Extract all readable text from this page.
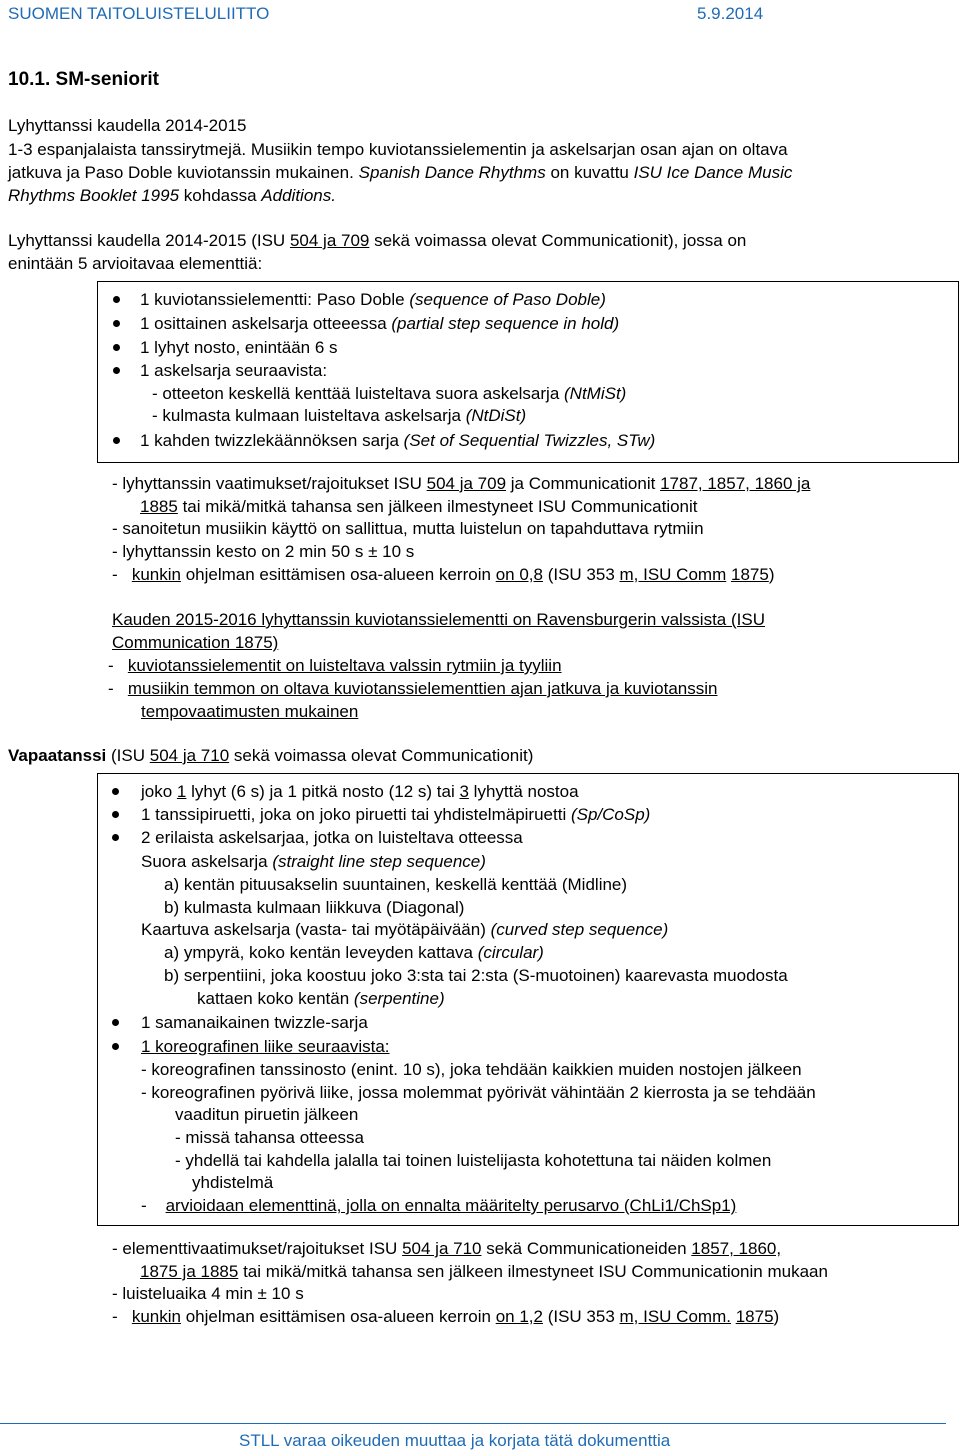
SUOMEN TAITOLUISTELULIITTO	5.9.2014
10.1. SM-seniorit
Lyhyttanssi kaudella 2014-2015
1-3 espanjalaista tanssirytmejä. Musiikin tempo kuviotanssielementin ja askelsarjan osan ajan on oltava
jatkuva ja Paso Doble kuviotanssin mukainen. Spanish Dance Rhythms on kuvattu ISU Ice Dance Music
Rhythms Booklet 1995 kohdassa Additions.
Lyhyttanssi kaudella 2014-2015 (ISU 504 ja 709 sekä voimassa olevat Communicationit), jossa on
enintään 5 arvioitavaa elementtiä:
1 kuviotanssielementti: Paso Doble (sequence of Paso Doble)
1 osittainen askelsarja otteeessa (partial step sequence in hold)
1 lyhyt nosto, enintään 6 s
1 askelsarja seuraavista:
- otteeton keskellä kenttää luisteltava suora askelsarja (NtMiSt)
- kulmasta kulmaan luisteltava askelsarja (NtDiSt)
1 kahden twizzlekäännöksen sarja (Set of Sequential Twizzles, STw)
- lyhyttanssin vaatimukset/rajoitukset ISU 504 ja 709 ja Communicationit 1787, 1857, 1860 ja
1885 tai mikä/mitkä tahansa sen jälkeen ilmestyneet ISU Communicationit
- sanoitetun musiikin käyttö on sallittua, mutta luistelun on tapahduttava rytmiin
- lyhyttanssin kesto on 2 min 50 s ± 10 s
- kunkin ohjelman esittämisen osa-alueen kerroin on 0,8 (ISU 353 m, ISU Comm 1875)
Kauden 2015-2016 lyhyttanssin kuviotanssielementti on Ravensburgerin valssista (ISU
Communication 1875)
- kuviotanssielementit on luisteltava valssin rytmiin ja tyyliin
- musiikin temmon on oltava kuviotanssielementtien ajan jatkuva ja kuviotanssin
tempovaatimusten mukainen
Vapaatanssi (ISU 504 ja 710 sekä voimassa olevat Communicationit)
joko 1 lyhyt (6 s) ja 1 pitkä nosto (12 s) tai 3 lyhyttä nostoa
1 tanssipiruetti, joka on joko piruetti tai yhdistelmäpiruetti (Sp/CoSp)
2 erilaista askelsarjaa, jotka on luisteltava otteessa
Suora askelsarja (straight line step sequence)
a) kentän pituusakselin suuntainen, keskellä kenttää (Midline)
b) kulmasta kulmaan liikkuva (Diagonal)
Kaartuva askelsarja (vasta- tai myötäpäivään) (curved step sequence)
a) ympyrä, koko kentän leveyden kattava (circular)
b) serpentiini, joka koostuu joko 3:sta tai 2:sta (S-muotoinen) kaarevasta muodosta
kattaen koko kentän (serpentine)
1 samanaikainen twizzle-sarja
1 koreografinen liike seuraavista:
- koreografinen tanssinosto (enint. 10 s), joka tehdään kaikkien muiden nostojen jälkeen
- koreografinen pyörivä liike, jossa molemmat pyörivät vähintään 2 kierrosta ja se tehdään
vaaditun piruetin jälkeen
- missä tahansa otteessa
- yhdellä tai kahdella jalalla tai toinen luistelijasta kohotettuna tai näiden kolmen
yhdistelmä
- arvioidaan elementtinä, jolla on ennalta määritelty perusarvo (ChLi1/ChSp1)
- elementtivaatimukset/rajoitukset ISU 504 ja 710 sekä Communicationeiden 1857, 1860,
1875 ja 1885 tai mikä/mitkä tahansa sen jälkeen ilmestyneet ISU Communicationin mukaan
- luisteluaika 4 min ± 10 s
- kunkin ohjelman esittämisen osa-alueen kerroin on 1,2 (ISU 353 m, ISU Comm. 1875)
STLL varaa oikeuden muuttaa ja korjata tätä dokumenttia
